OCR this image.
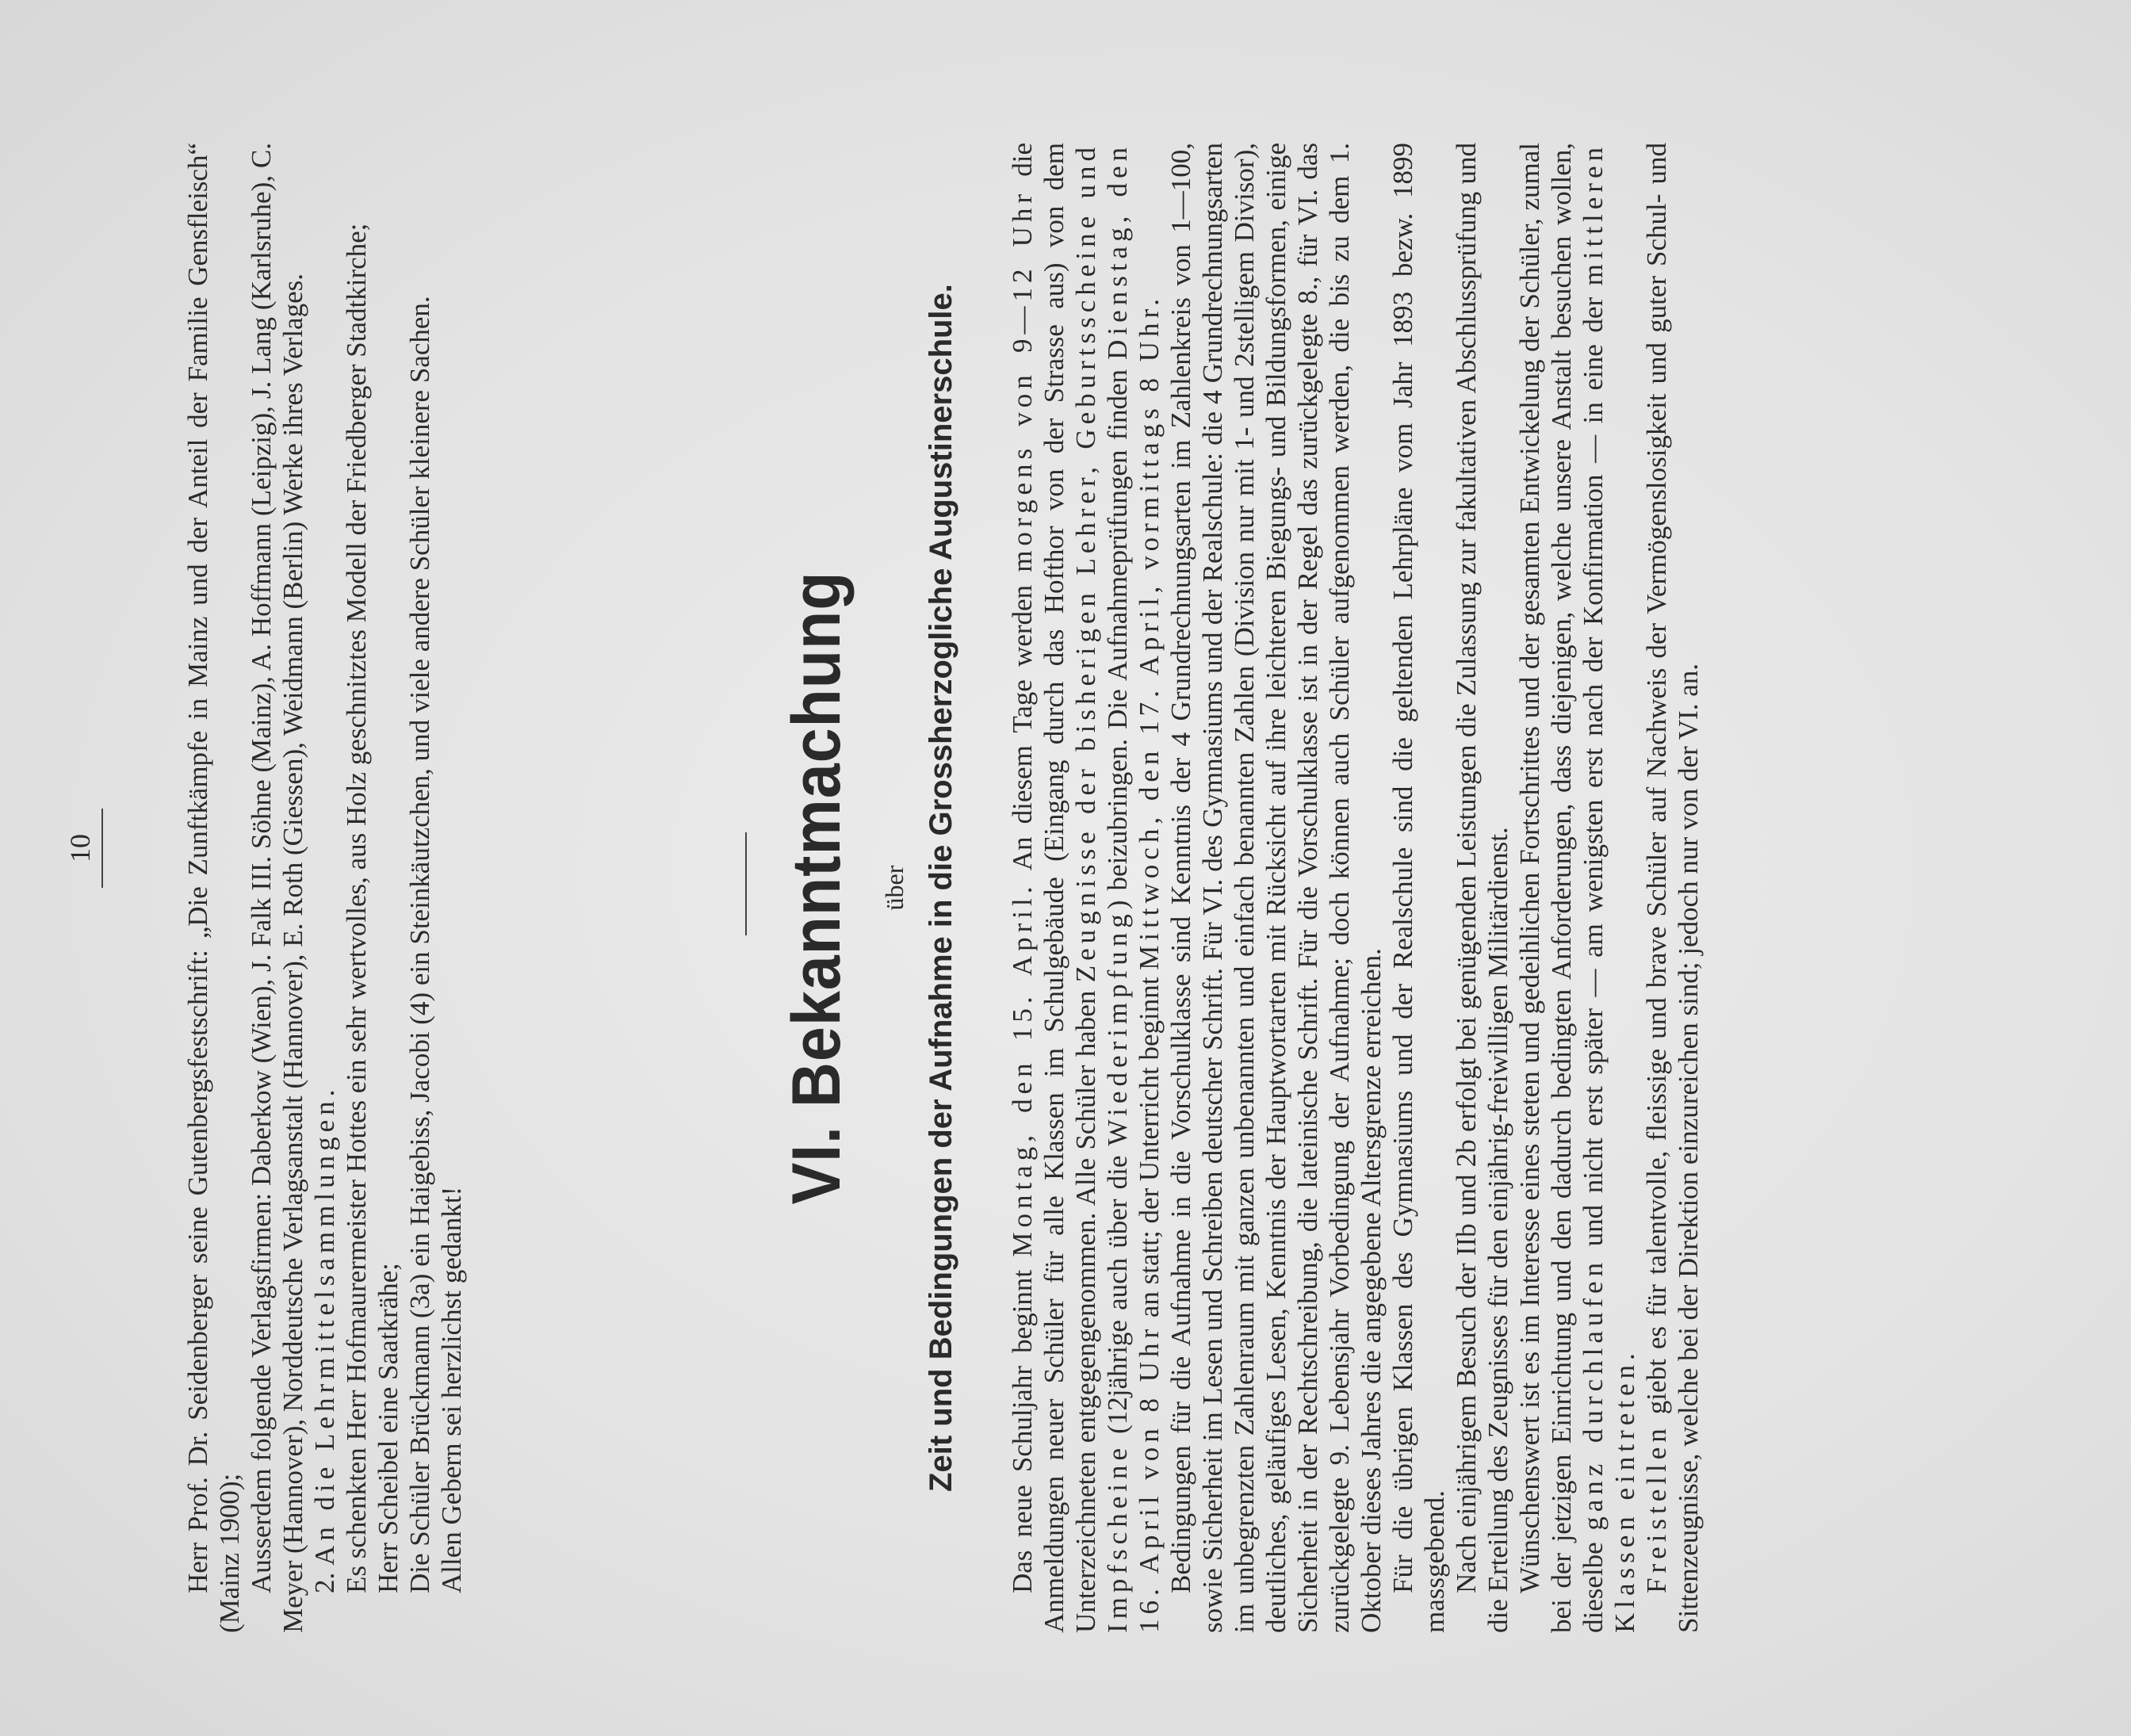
10	Herr Prof. Dr. Seidenberger seine Gutenbergsfestschrift: „Die Zunftkämpfe in Mainz und der Anteil der Familie Gensfleisch“ (Mainz 1900); Ausserdem folgende Verlagsfirmen: Daberkow (Wien), J. Falk III. Söhne (Mainz), A. Hoffmann (Leipzig), J. Lang (Karlsruhe), C. Meyer (Hannover), Norddeutsche Verlagsanstalt (Hannover), E. Roth (Giessen), Weidmann (Berlin) Werke ihres Verlages. 2. An die Lehrmittelsammlungen. Es schenkten Herr Hofmaurermeister Hottes ein sehr wertvolles, aus Holz geschnitztes Modell der Friedberger Stadtkirche; Herr Scheibel eine Saatkrähe; Die Schüler Brückmann (3a) ein Haigebiss, Jacobi (4) ein Steinkäutzchen, und viele andere Schüler kleinere Sachen. Allen Gebern sei herzlichst gedankt!

VI. Bekanntmachung über Zeit und Bedingungen der Aufnahme in die Grossherzogliche Augustinerschule. Das neue Schuljahr beginnt Montag, den 15. April. An diesem Tage werden morgens von 9—12 Uhr die Anmeldungen neuer Schüler für alle Klassen im Schulgebäude (Eingang durch das Hofthor von der Strasse aus) von dem Unterzeichneten entgegengenommen. Alle Schüler haben Zeugnisse der bisherigen Lehrer, Geburtsscheine und Impfscheine (12jährige auch über die Wiederimpfung) beizubringen. Die Aufnahmeprüfungen finden Dienstag, den 16. April von 8 Uhr an statt; der Unterricht beginnt Mittwoch, den 17. April, vormittags 8 Uhr. Bedingungen für die Aufnahme in die Vorschulklasse sind Kenntnis der 4 Grundrechnungsarten im Zahlenkreis von 1—100, sowie Sicherheit im Lesen und Schreiben deutscher Schrift. Für VI. des Gymnasiums und der Realschule: die 4 Grundrechnungsarten im unbegrenzten Zahlenraum mit ganzen unbenannten und einfach benannten Zahlen (Division nur mit 1- und 2stelligem Divisor), deutliches, geläufiges Lesen, Kenntnis der Hauptwortarten mit Rücksicht auf ihre leichteren Biegungs- und Bildungsformen, einige Sicherheit in der Rechtschreibung, die lateinische Schrift. Für die Vorschulklasse ist in der Regel das zurückgelegte 8., für VI. das zurückgelegte 9. Lebensjahr Vorbedingung der Aufnahme; doch können auch Schüler aufgenommen werden, die bis zu dem 1. Oktober dieses Jahres die angegebene Altersgrenze erreichen. Für die übrigen Klassen des Gymnasiums und der Realschule sind die geltenden Lehrpläne vom Jahr 1893 bezw. 1899 massgebend. Nach einjährigem Besuch der IIb und 2b erfolgt bei genügenden Leistungen die Zulassung zur fakultativen Abschlussprüfung und die Erteilung des Zeugnisses für den einjährig-freiwilligen Militärdienst. Wünschenswert ist es im Interesse eines steten und gedeihlichen Fortschrittes und der gesamten Entwickelung der Schüler, zumal bei der jetzigen Einrichtung und den dadurch bedingten Anforderungen, dass diejenigen, welche unsere Anstalt besuchen wollen, dieselbe ganz durchlaufen und nicht erst später — am wenigsten erst nach der Konfirmation — in eine der mittleren Klassen eintreten. Freistellen giebt es für talentvolle, fleissige und brave Schüler auf Nachweis der Vermögenslosigkeit und guter Schul- und Sittenzeugnisse, welche bei der Direktion einzureichen sind; jedoch nur von der VI. an.
